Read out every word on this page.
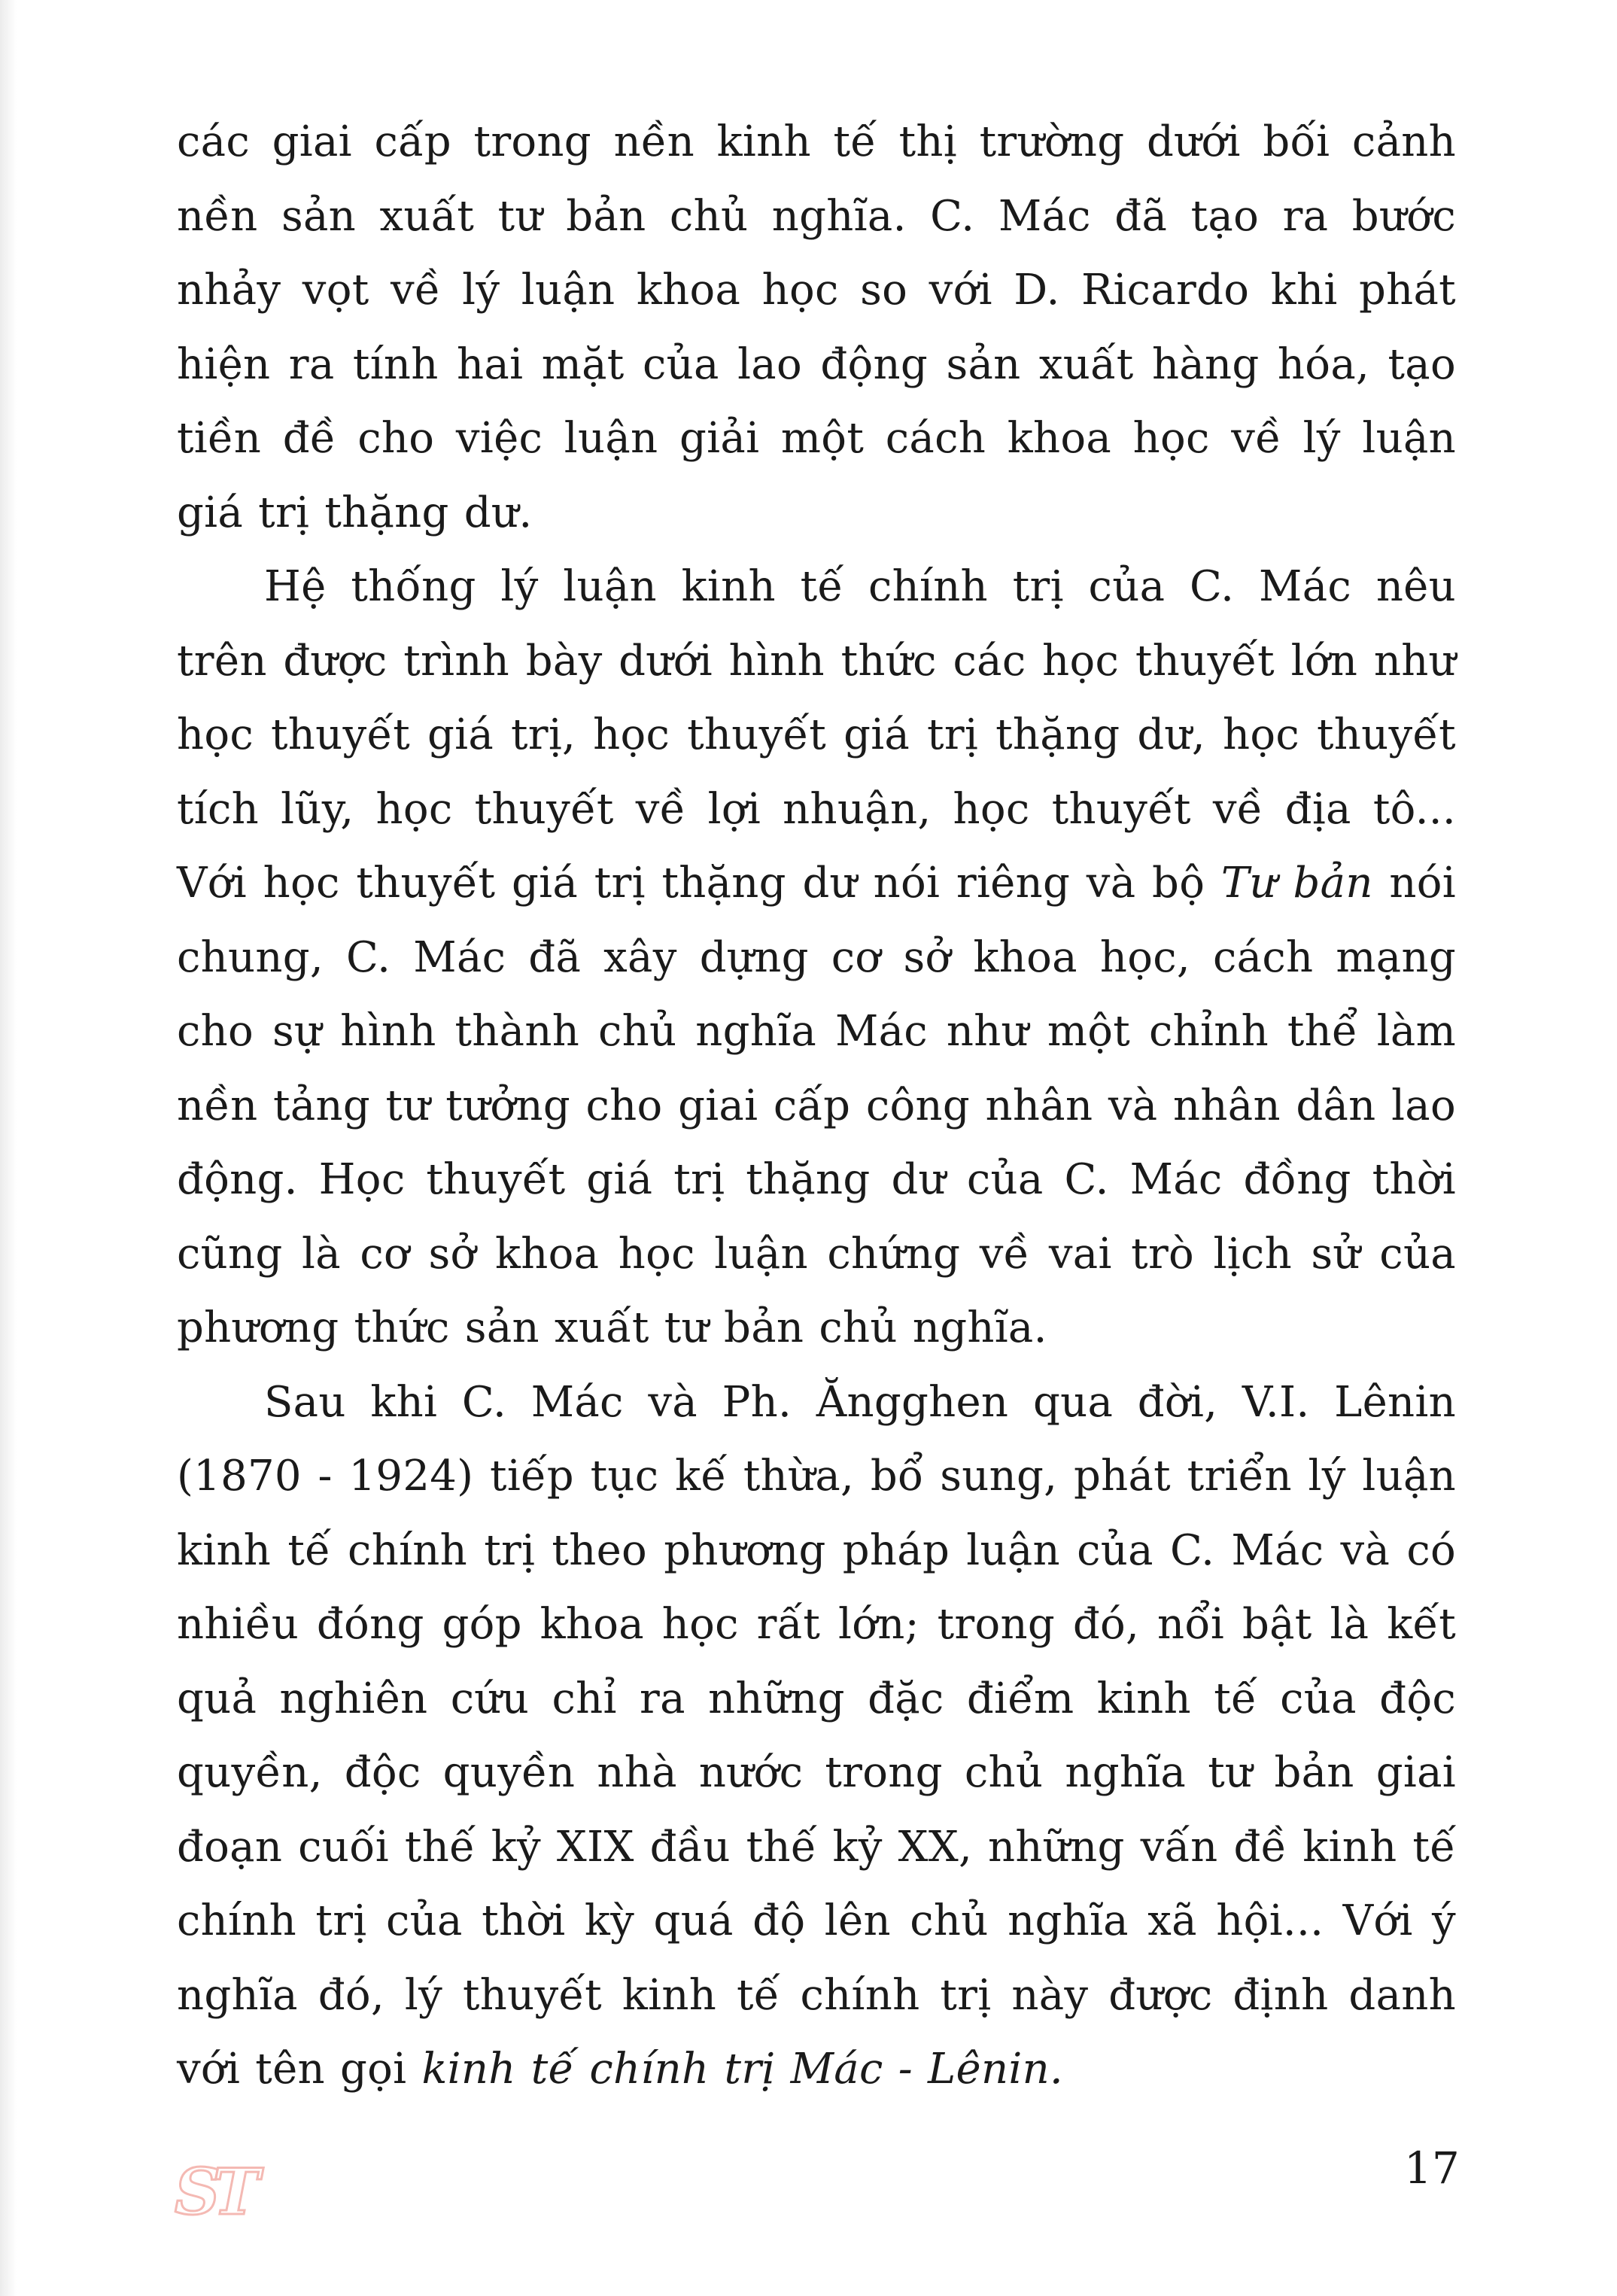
các giai cấp trong nền kinh tế thị trường dưới bối cảnh nền sản xuất tư bản chủ nghĩa. C. Mác đã tạo ra bước nhảy vọt về lý luận khoa học so với D. Ricardo khi phát hiện ra tính hai mặt của lao động sản xuất hàng hóa, tạo tiền đề cho việc luận giải một cách khoa học về lý luận giá trị thặng dư.

Hệ thống lý luận kinh tế chính trị của C. Mác nêu trên được trình bày dưới hình thức các học thuyết lớn như học thuyết giá trị, học thuyết giá trị thặng dư, học thuyết tích lũy, học thuyết về lợi nhuận, học thuyết về địa tô... Với học thuyết giá trị thặng dư nói riêng và bộ Tư bản nói chung, C. Mác đã xây dựng cơ sở khoa học, cách mạng cho sự hình thành chủ nghĩa Mác như một chỉnh thể làm nền tảng tư tưởng cho giai cấp công nhân và nhân dân lao động. Học thuyết giá trị thặng dư của C. Mác đồng thời cũng là cơ sở khoa học luận chứng về vai trò lịch sử của phương thức sản xuất tư bản chủ nghĩa.

Sau khi C. Mác và Ph. Ăngghen qua đời, V.I. Lênin (1870 - 1924) tiếp tục kế thừa, bổ sung, phát triển lý luận kinh tế chính trị theo phương pháp luận của C. Mác và có nhiều đóng góp khoa học rất lớn; trong đó, nổi bật là kết quả nghiên cứu chỉ ra những đặc điểm kinh tế của độc quyền, độc quyền nhà nước trong chủ nghĩa tư bản giai đoạn cuối thế kỷ XIX đầu thế kỷ XX, những vấn đề kinh tế chính trị của thời kỳ quá độ lên chủ nghĩa xã hội... Với ý nghĩa đó, lý thuyết kinh tế chính trị này được định danh với tên gọi kinh tế chính trị Mác - Lênin.

ST	17
